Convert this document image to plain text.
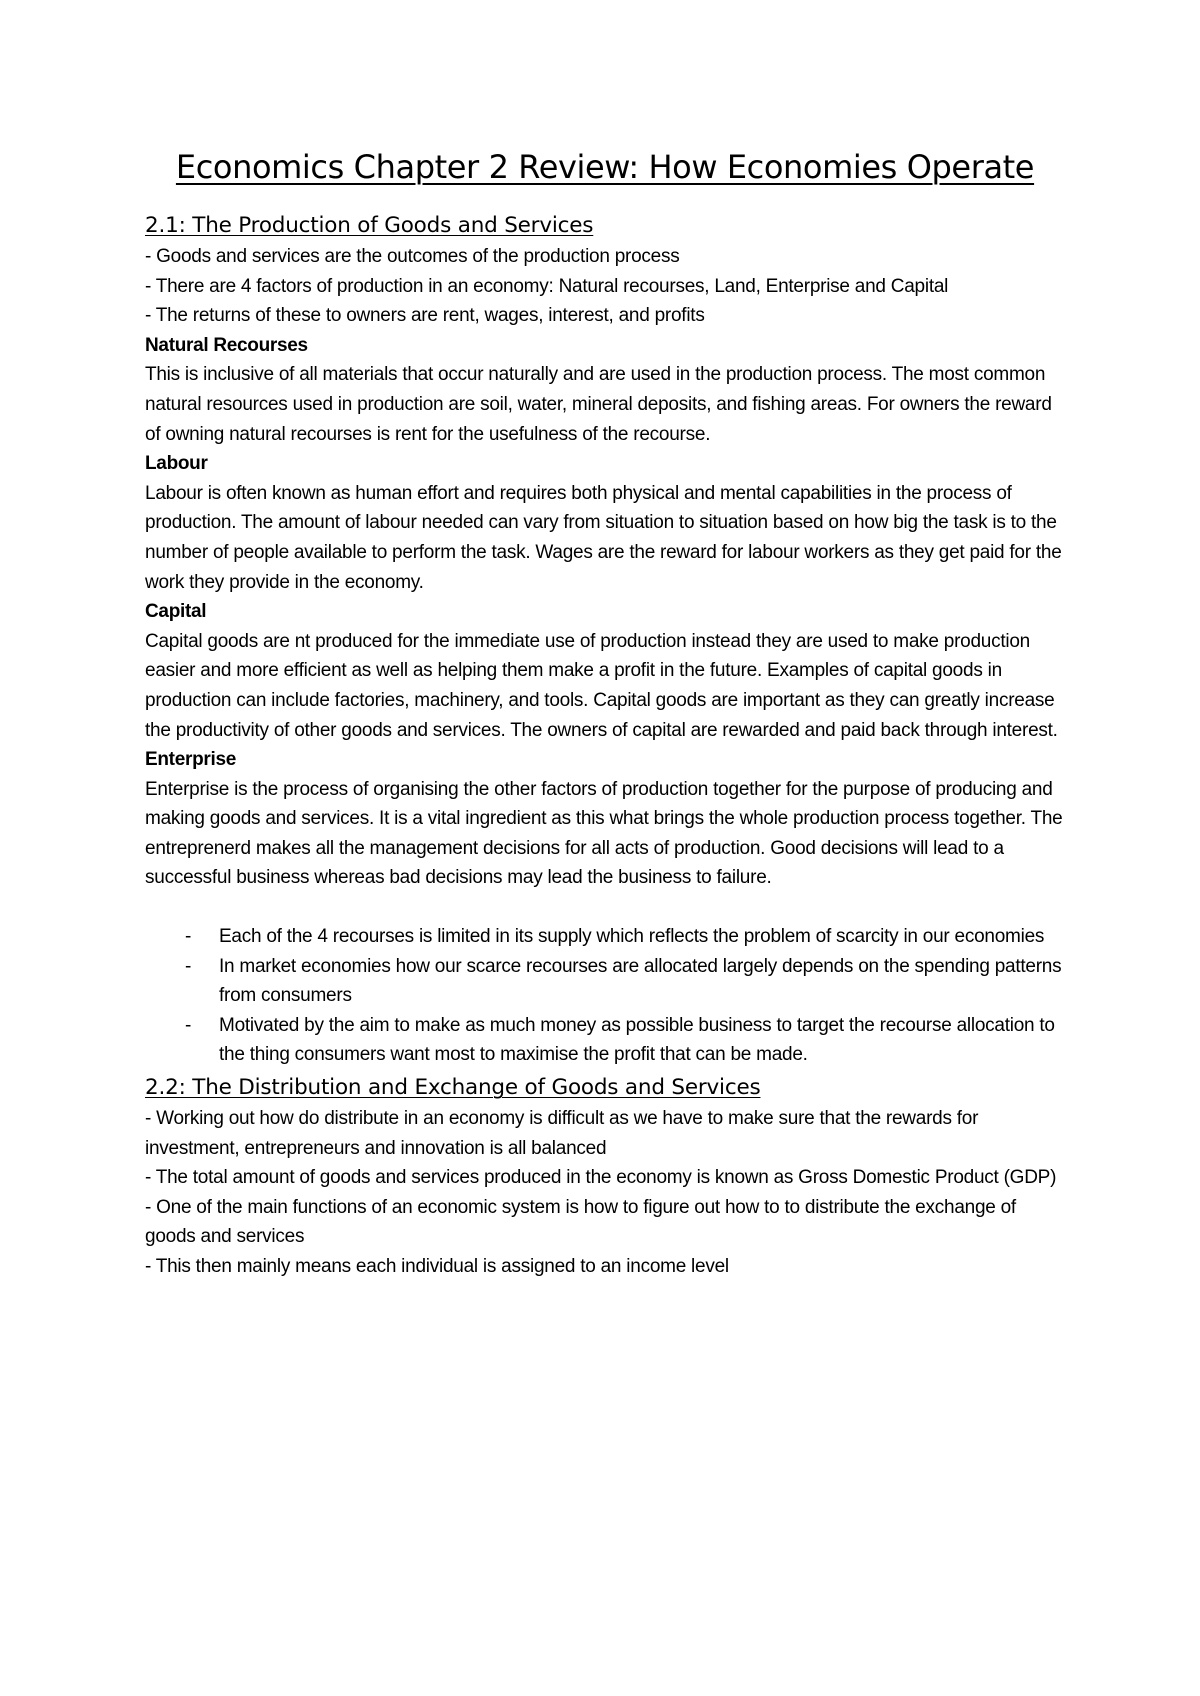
Economics Chapter 2 Review: How Economies Operate
2.1: The Production of Goods and Services

- Goods and services are the outcomes of the production process

- There are 4 factors of production in an economy: Natural recourses, Land, Enterprise and Capital

- The returns of these to owners are rent, wages, interest, and profits

Natural Recourses

This is inclusive of all materials that occur naturally and are used in the production process. The most common natural resources used in production are soil, water, mineral deposits, and fishing areas. For owners the reward of owning natural recourses is rent for the usefulness of the recourse.

Labour

Labour is often known as human effort and requires both physical and mental capabilities in the process of production. The amount of labour needed can vary from situation to situation based on how big the task is to the number of people available to perform the task. Wages are the reward for labour workers as they get paid for the work they provide in the economy.

Capital

Capital goods are nt produced for the immediate use of production instead they are used to make production easier and more efficient as well as helping them make a profit in the future. Examples of capital goods in production can include factories, machinery, and tools. Capital goods are important as they can greatly increase the productivity of other goods and services. The owners of capital are rewarded and paid back through interest.

Enterprise

Enterprise is the process of organising the other factors of production together for the purpose of producing and making goods and services. It is a vital ingredient as this what brings the whole production process together. The entreprenerd makes all the management decisions for all acts of production. Good decisions will lead to a successful business whereas bad decisions may lead the business to failure.

- Each of the 4 recourses is limited in its supply which reflects the problem of scarcity in our economies
- In market economies how our scarce recourses are allocated largely depends on the spending patterns from consumers
- Motivated by the aim to make as much money as possible business to target the recourse allocation to the thing consumers want most to maximise the profit that can be made.
2.2: The Distribution and Exchange of Goods and Services

- Working out how do distribute in an economy is difficult as we have to make sure that the rewards for investment, entrepreneurs and innovation is all balanced

- The total amount of goods and services produced in the economy is known as Gross Domestic Product (GDP)

- One of the main functions of an economic system is how to figure out how to to distribute the exchange of goods and services

- This then mainly means each individual is assigned to an income level
